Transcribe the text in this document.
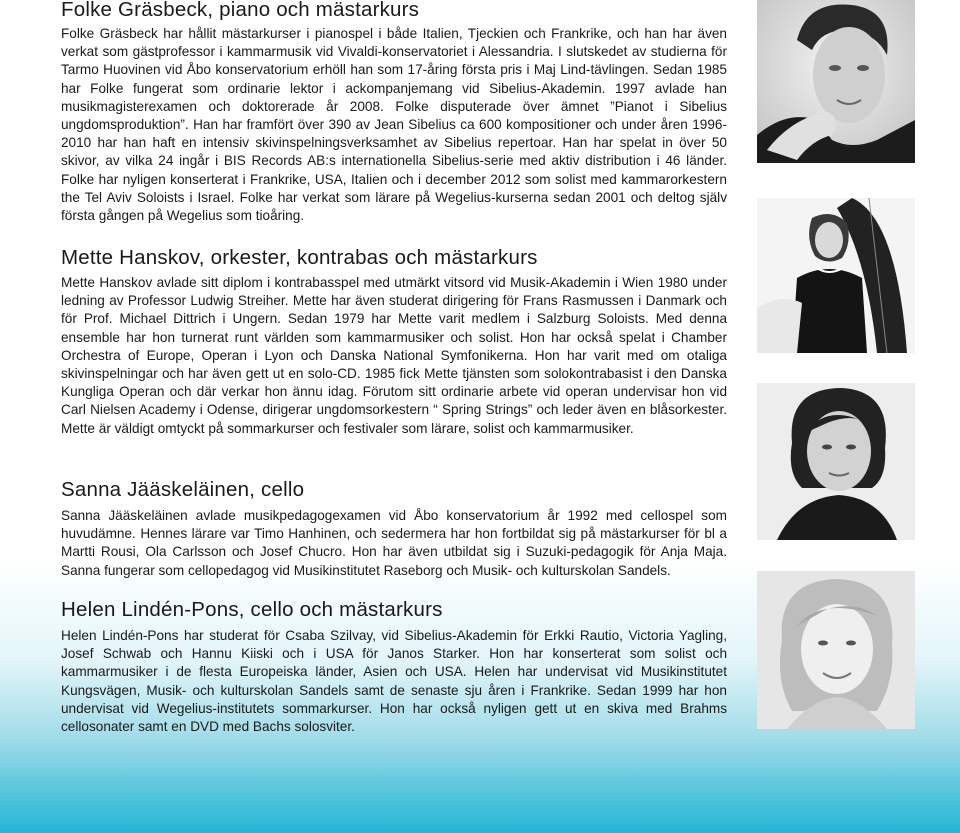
Folke Gräsbeck, piano och mästarkurs

Folke Gräsbeck har hållit mästarkurser i pianospel i både Italien, Tjeckien och Frankrike, och han har även verkat som gästprofessor i kammarmusik vid Vivaldi-konservatoriet i Alessandria. I slutskedet av studierna för Tarmo Huovinen vid Åbo konservatorium erhöll han som 17-åring första pris i Maj Lind-tävlingen. Sedan 1985 har Folke fungerat som ordinarie lektor i ackompanjemang vid Sibelius-Akademin. 1997 avlade han musikmagisterexamen och doktorerade år 2008. Folke disputerade över ämnet ”Pianot i Sibelius ungdomsproduktion”. Han har framfört över 390 av Jean Sibelius ca 600 kompositioner och under åren 1996-2010 har han haft en intensiv skivinspelningsverksamhet av Sibelius repertoar. Han har spelat in över 50 skivor, av vilka 24 ingår i BIS Records AB:s internationella Sibelius-serie med aktiv distribution i 46 länder. Folke har nyligen konserterat i Frankrike, USA, Italien och i december 2012 som solist med kammarorkestern the Tel Aviv Soloists i Israel. Folke har verkat som lärare på Wegelius-kurserna sedan 2001 och deltog själv första gången på Wegelius som tioåring.

Mette Hanskov, orkester, kontrabas och mästarkurs

Mette Hanskov avlade sitt diplom i kontrabasspel med utmärkt vitsord vid Musik-Akademin i Wien 1980 under ledning av Professor Ludwig Streiher. Mette har även studerat dirigering för Frans Rasmussen i Danmark och för Prof. Michael Dittrich i Ungern. Sedan 1979 har Mette varit medlem i Salzburg Soloists. Med denna ensemble har hon turnerat runt världen som kammarmusiker och solist. Hon har också spelat i Chamber Orchestra of Europe, Operan i Lyon och Danska National Symfonikerna. Hon har varit med om otaliga skivinspelningar och har även gett ut en solo-CD. 1985 fick Mette tjänsten som solokontrabasist i den Danska Kungliga Operan och där verkar hon ännu idag. Förutom sitt ordinarie arbete vid operan undervisar hon vid Carl Nielsen Academy i Odense, dirigerar ungdomsorkestern “ Spring Strings” och leder även en blåsorkester. Mette är väldigt omtyckt på sommarkurser och festivaler som lärare, solist och kammarmusiker.

Sanna Jääskeläinen, cello

Sanna Jääskeläinen avlade musikpedagogexamen vid Åbo konservatorium år 1992 med cellospel som huvudämne. Hennes lärare var Timo Hanhinen, och sedermera har hon fortbildat sig på mästarkurser för bl a Martti Rousi, Ola Carlsson och Josef Chucro. Hon har även utbildat sig i Suzuki-pedagogik för Anja Maja. Sanna fungerar som cellopedagog vid Musikinstitutet Raseborg och Musik- och kulturskolan Sandels.

Helen Lindén-Pons, cello och mästarkurs

Helen Lindén-Pons har studerat för Csaba Szilvay, vid Sibelius-Akademin för Erkki Rautio, Victoria Yagling, Josef Schwab och Hannu Kiiski och i USA för Janos Starker. Hon har konserterat som solist och kammarmusiker i de flesta Europeiska länder, Asien och USA. Helen har undervisat vid Musikinstitutet Kungsvägen, Musik- och kulturskolan Sandels samt de senaste sju åren i Frankrike. Sedan 1999 har hon undervisat vid Wegelius-institutets sommarkurser. Hon har också nyligen gett ut en skiva med Brahms cellosonater samt en DVD med Bachs solosviter.
